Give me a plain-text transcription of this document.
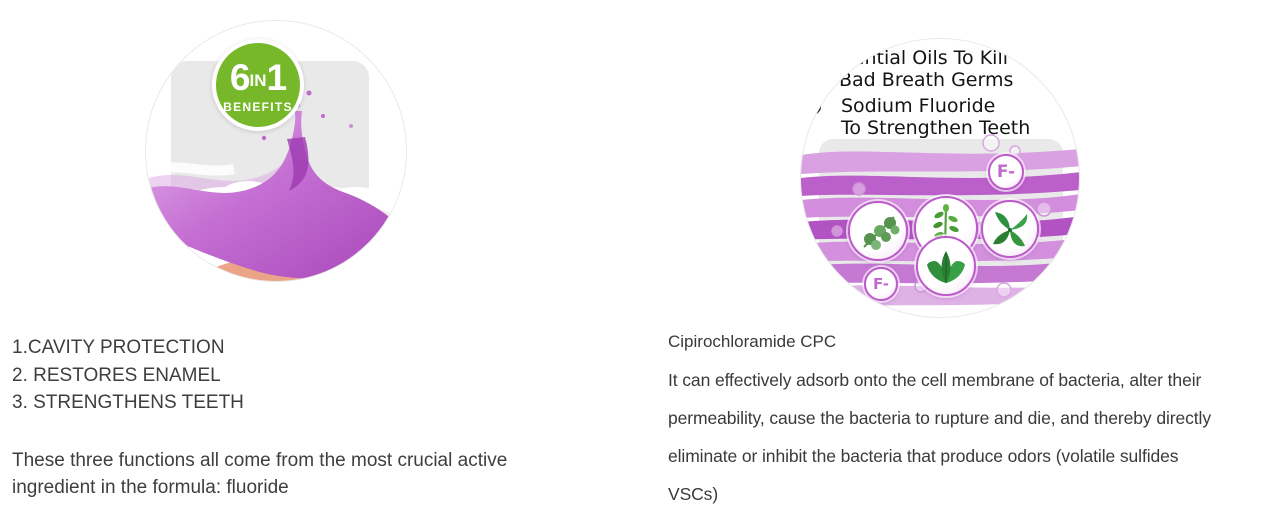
6IN1
BENEFITS
Essential Oils To Kill
Bad Breath Germs
Sodium Fluoride
To Strengthen Teeth
F-
F-
1.CAVITY PROTECTION
2. RESTORES ENAMEL
3. STRENGTHENS TEETH
These three functions all come from the most crucial active
ingredient in the formula: fluoride
Cipirochloramide CPC
It can effectively adsorb onto the cell membrane of bacteria, alter their
permeability, cause the bacteria to rupture and die, and thereby directly
eliminate or inhibit the bacteria that produce odors (volatile sulfides
VSCs)
